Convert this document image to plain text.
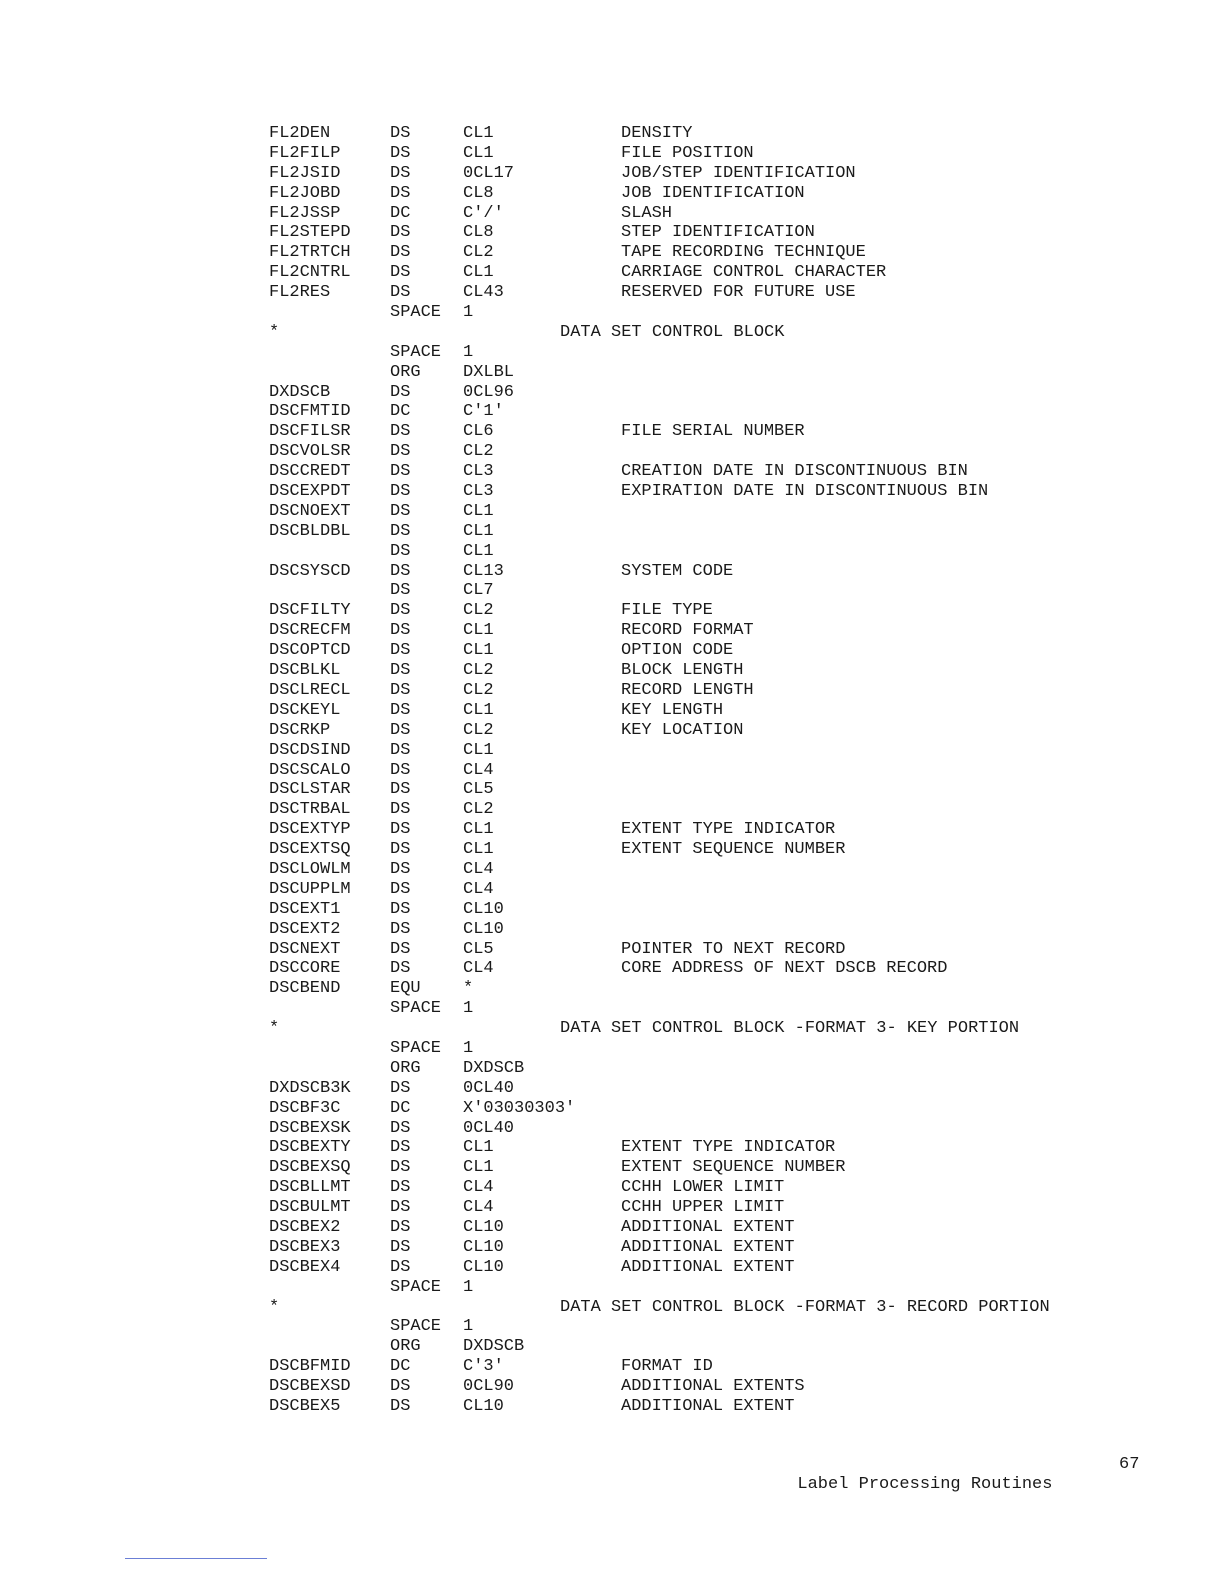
FL2DEN	DS	CL1	DENSITY
FL2FILP	DS	CL1	FILE POSITION
FL2JSID	DS	0CL17	JOB/STEP IDENTIFICATION
FL2JOBD	DS	CL8	JOB IDENTIFICATION
FL2JSSP	DC	C'/'	SLASH
FL2STEPD DS	CL8	STEP IDENTIFICATION
FL2TRTCH DS	CL2	TAPE RECORDING TECHNIQUE
FL2CNTRL DS	CL1	CARRIAGE CONTROL CHARACTER
FL2RES	DS	CL43	RESERVED FOR FUTURE USE
SPACE 1
*	DATA SET CONTROL BLOCK
SPACE 1
ORG DXLBL
DXDSCB	DS	0CL96
DSCFMTID DC	C'1'
DSCFILSR DS	CL6	FILE SERIAL NUMBER
DSCVOLSR DS	CL2
DSCCREDT DS	CL3	CREATION DATE IN DISCONTINUOUS BIN
DSCEXPDT DS	CL3	EXPIRATION DATE IN DISCONTINUOUS BIN
DSCNOEXT DS	CL1
DSCBLDBL DS	CL1
DS	CL1
DSCSYSCD DS	CL13	SYSTEM CODE
DS	CL7
DSCFILTY DS	CL2	FILE TYPE
DSCRECFM DS	CL1	RECORD FORMAT
DSCOPTCD DS	CL1	OPTION CODE
DSCBLKL	DS	CL2	BLOCK LENGTH
DSCLRECL DS	CL2	RECORD LENGTH
DSCKEYL	DS	CL1	KEY LENGTH
DSCRKP	DS	CL2	KEY LOCATION
DSCDSIND DS	CL1
DSCSCALO DS	CL4
DSCLSTAR DS	CL5
DSCTRBAL DS	CL2
DSCEXTYP DS	CL1	EXTENT TYPE INDICATOR
DSCEXTSQ DS	CL1	EXTENT SEQUENCE NUMBER
DSCLOWLM DS	CL4
DSCUPPLM DS	CL4
DSCEXT1	DS	CL10
DSCEXT2	DS	CL10
DSCNEXT	DS	CL5	POINTER TO NEXT RECORD
DSCCORE	DS	CL4	CORE ADDRESS OF NEXT DSCB RECORD
DSCBEND	EQU *
SPACE 1
*	DATA SET CONTROL BLOCK -FORMAT 3- KEY PORTION
SPACE 1
ORG DXDSCB
DXDSCB3K DS	0CL40
DSCBF3C	DC	X'03030303'
DSCBEXSK DS	0CL40
DSCBEXTY DS	CL1	EXTENT TYPE INDICATOR
DSCBEXSQ DS	CL1	EXTENT SEQUENCE NUMBER
DSCBLLMT DS	CL4	CCHH LOWER LIMIT
DSCBULMT DS	CL4	CCHH UPPER LIMIT
DSCBEX2	DS	CL10	ADDITIONAL EXTENT
DSCBEX3	DS	CL10	ADDITIONAL EXTENT
DSCBEX4	DS	CL10	ADDITIONAL EXTENT
SPACE 1
*	DATA SET CONTROL BLOCK -FORMAT 3- RECORD PORTION
SPACE 1
ORG DXDSCB
DSCBFMID DC	C'3'	FORMAT ID
DSCBEXSD DS	0CL90	ADDITIONAL EXTENTS
DSCBEX5	DS	CL10	ADDITIONAL EXTENT

Label Processing Routines

67
